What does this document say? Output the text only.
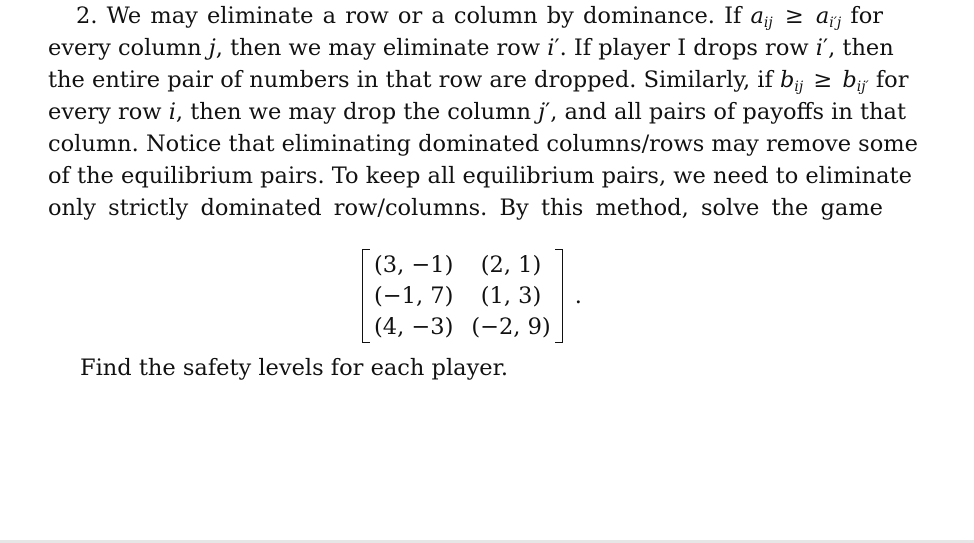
2. We may eliminate a row or a column by dominance. If $a_{ij} \ge a_{i'j}$ for
every column j, then we may eliminate row i′. If player I drops row i′, then
the entire pair of numbers in that row are dropped. Similarly, if $b_{ij} \ge b_{ij'}$ for
every row i, then we may drop the column j′, and all pairs of payoffs in that
column. Notice that eliminating dominated columns/rows may remove some
of the equilibrium pairs. To keep all equilibrium pairs, we need to eliminate
only strictly dominated row/columns. By this method, solve the game
(3, −1)	(2, 1)
(−1, 7)	(1, 3)
(4, −3)	(−2, 9)
.
Find the safety levels for each player.
